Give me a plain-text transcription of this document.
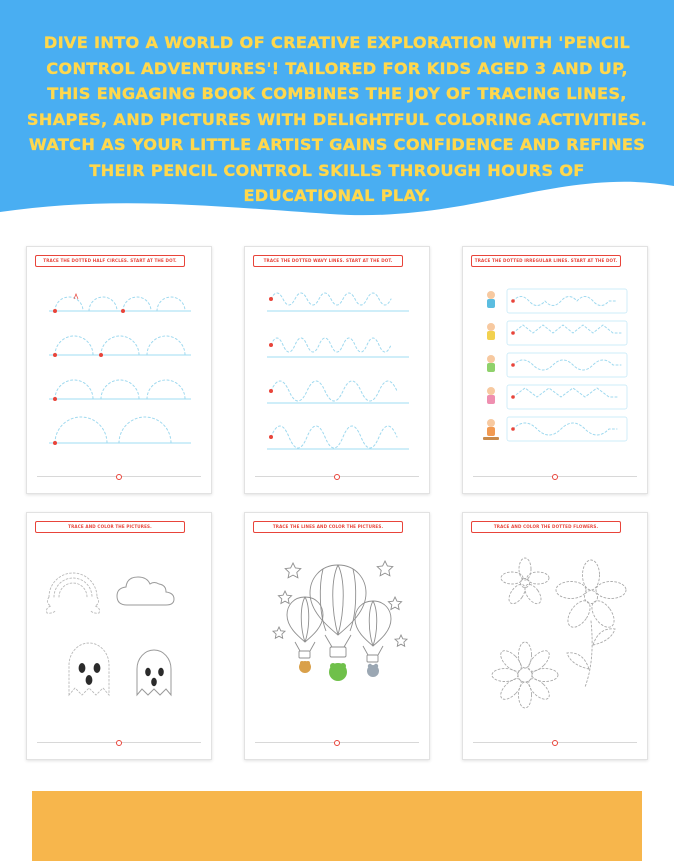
DIVE INTO A WORLD OF CREATIVE EXPLORATION WITH 'PENCIL CONTROL ADVENTURES'! TAILORED FOR KIDS AGED 3 AND UP, THIS ENGAGING BOOK COMBINES THE JOY OF TRACING LINES, SHAPES, AND PICTURES WITH DELIGHTFUL COLORING ACTIVITIES. WATCH AS YOUR LITTLE ARTIST GAINS CONFIDENCE AND REFINES THEIR PENCIL CONTROL SKILLS THROUGH HOURS OF EDUCATIONAL PLAY.
TRACE THE DOTTED HALF CIRCLES. START AT THE DOT.	TRACE THE DOTTED WAVY LINES. START AT THE DOT.	TRACE THE DOTTED IRREGULAR LINES. START AT THE DOT.
TRACE AND COLOR THE PICTURES.	TRACE THE LINES AND COLOR THE PICTURES.	TRACE AND COLOR THE DOTTED FLOWERS.
